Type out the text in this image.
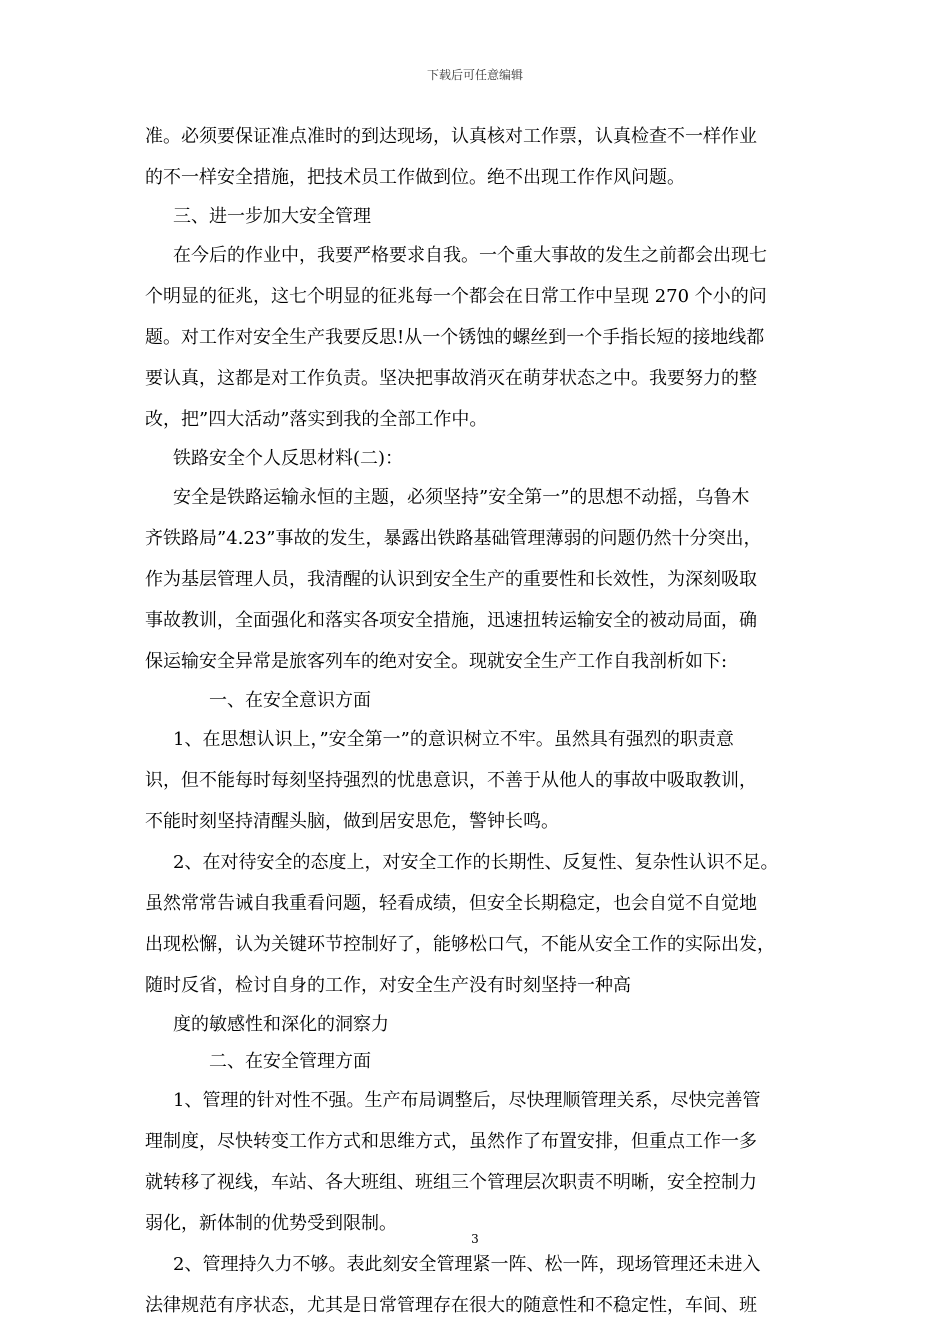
下载后可任意编辑
准。必须要保证准点准时的到达现场，认真核对工作票，认真检查不一样作业
的不一样安全措施，把技术员工作做到位。绝不出现工作作风问题。
三、进一步加大安全管理
在今后的作业中，我要严格要求自我。一个重大事故的发生之前都会出现七
个明显的征兆，这七个明显的征兆每一个都会在日常工作中呈现 270 个小的问
题。对工作对安全生产我要反思!从一个锈蚀的螺丝到一个手指长短的接地线都
要认真，这都是对工作负责。坚决把事故消灭在萌芽状态之中。我要努力的整
改，把”四大活动”落实到我的全部工作中。
铁路安全个人反思材料(二)：
安全是铁路运输永恒的主题，必须坚持”安全第一”的思想不动摇，乌鲁木
齐铁路局”4.23”事故的发生，暴露出铁路基础管理薄弱的问题仍然十分突出，
作为基层管理人员，我清醒的认识到安全生产的重要性和长效性，为深刻吸取
事故教训，全面强化和落实各项安全措施，迅速扭转运输安全的被动局面，确
保运输安全异常是旅客列车的绝对安全。现就安全生产工作自我剖析如下:
一、在安全意识方面
1、在思想认识上，”安全第一”的意识树立不牢。虽然具有强烈的职责意
识，但不能每时每刻坚持强烈的忧患意识，不善于从他人的事故中吸取教训，
不能时刻坚持清醒头脑，做到居安思危，警钟长鸣。
2、在对待安全的态度上，对安全工作的长期性、反复性、复杂性认识不足。
虽然常常告诫自我重看问题，轻看成绩，但安全长期稳定，也会自觉不自觉地
出现松懈，认为关键环节控制好了，能够松口气，不能从安全工作的实际出发，
随时反省，检讨自身的工作，对安全生产没有时刻坚持一种高
度的敏感性和深化的洞察力
二、在安全管理方面
1、管理的针对性不强。生产布局调整后，尽快理顺管理关系，尽快完善管
理制度，尽快转变工作方式和思维方式，虽然作了布置安排，但重点工作一多
就转移了视线，车站、各大班组、班组三个管理层次职责不明晰，安全控制力
弱化，新体制的优势受到限制。
2、管理持久力不够。表此刻安全管理紧一阵、松一阵，现场管理还未进入
法律规范有序状态，尤其是日常管理存在很大的随意性和不稳定性，车间、班
3
